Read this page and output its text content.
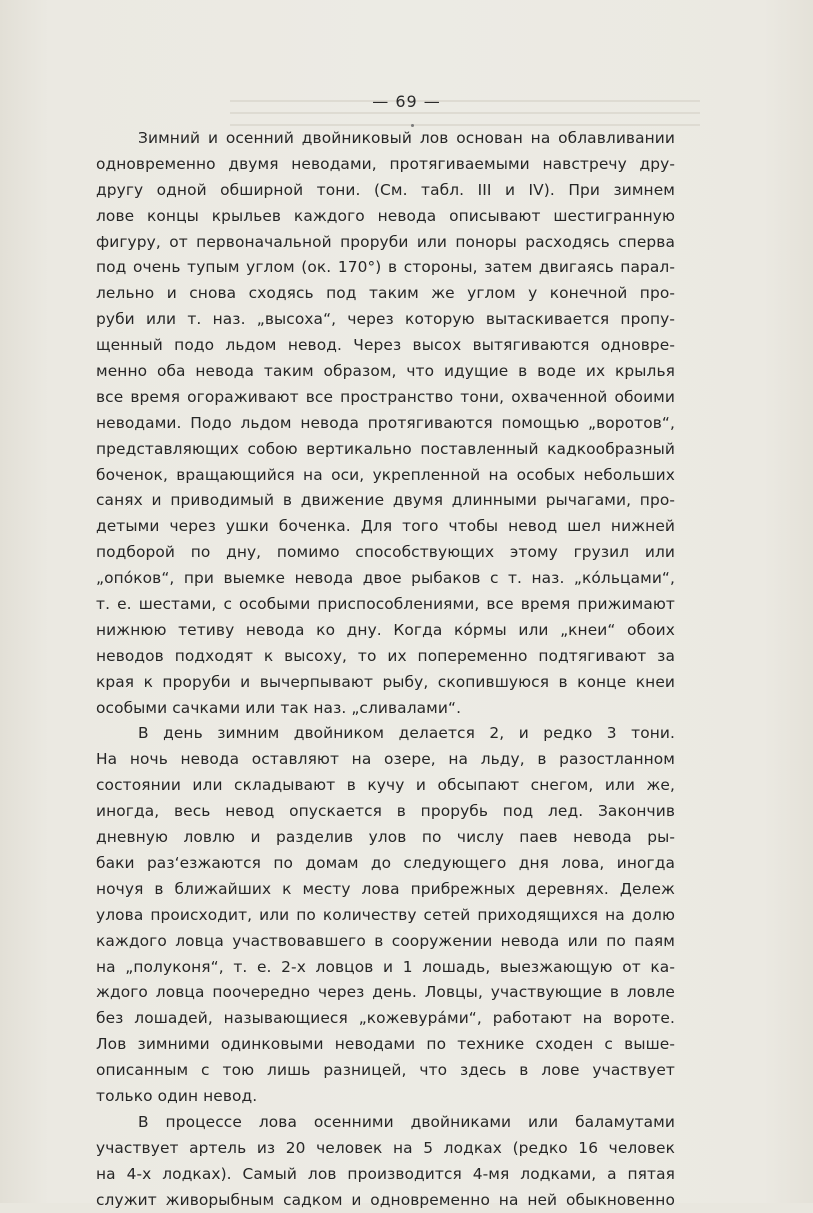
— 69 —
Зимний и осенний двойниковый лов основан на облавливании
одновременно двумя неводами, протягиваемыми навстречу дру-
другу одной обширной тони. (См. табл. III и IV). При зимнем
лове концы крыльев каждого невода описывают шестигранную
фигуру, от первоначальной проруби или поноры расходясь сперва
под очень тупым углом (ок. 170°) в стороны, затем двигаясь парал-
лельно и снова сходясь под таким же углом у конечной про-
руби или т. наз. „высоха“, через которую вытаскивается пропу-
щенный подо льдом невод. Через высох вытягиваются одновре-
менно оба невода таким образом, что идущие в воде их крылья
все время огораживают все пространство тони, охваченной обоими
неводами. Подо льдом невода протягиваются помощью „воротов“,
представляющих собою вертикально поставленный кадкообразный
боченок, вращающийся на оси, укрепленной на особых небольших
санях и приводимый в движение двумя длинными рычагами, про-
детыми через ушки боченка. Для того чтобы невод шел нижней
подборой по дну, помимо способствующих этому грузил или
„опо́ков“, при выемке невода двое рыбаков с т. наз. „ко́льцами“,
т. е. шестами, с особыми приспособлениями, все время прижимают
нижнюю тетиву невода ко дну. Когда ко́рмы или „кнеи“ обоих
неводов подходят к высоху, то их попеременно подтягивают за
края к проруби и вычерпывают рыбу, скопившуюся в конце кнеи
особыми сачками или так наз. „сливалами“.
В день зимним двойником делается 2, и редко 3 тони.
На ночь невода оставляют на озере, на льду, в разостланном
состоянии или складывают в кучу и обсыпают снегом, или же,
иногда, весь невод опускается в прорубь под лед. Закончив
дневную ловлю и разделив улов по числу паев невода ры-
баки раз‘езжаются по домам до следующего дня лова, иногда
ночуя в ближайших к месту лова прибрежных деревнях. Дележ
улова происходит, или по количеству сетей приходящихся на долю
каждого ловца участвовавшего в сооружении невода или по паям
на „полуконя“, т. е. 2-х ловцов и 1 лошадь, выезжающую от ка-
ждого ловца поочередно через день. Ловцы, участвующие в ловле
без лошадей, называющиеся „кожевура́ми“, работают на вороте.
Лов зимними одинковыми неводами по технике сходен с выше-
описанным с тою лишь разницей, что здесь в лове участвует
только один невод.
В процессе лова осенними двойниками или баламутами
участвует артель из 20 человек на 5 лодках (редко 16 человек
на 4-х лодках). Самый лов производится 4-мя лодками, а пятая
служит живорыбным садком и одновременно на ней обыкновенно
